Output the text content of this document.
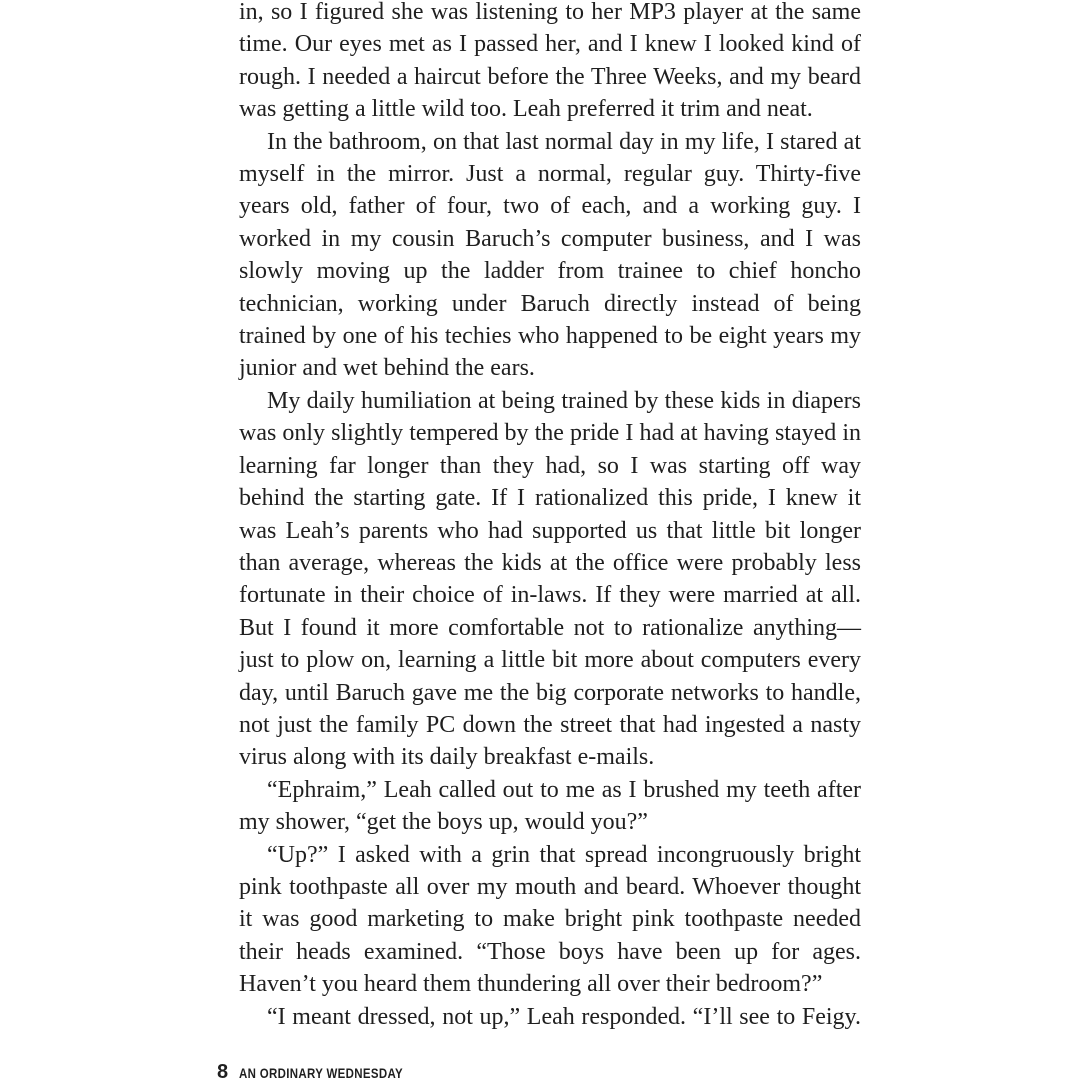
in, so I figured she was listening to her MP3 player at the same time. Our eyes met as I passed her, and I knew I looked kind of rough. I needed a haircut before the Three Weeks, and my beard was getting a little wild too. Leah preferred it trim and neat.

In the bathroom, on that last normal day in my life, I stared at myself in the mirror. Just a normal, regular guy. Thirty-five years old, father of four, two of each, and a working guy. I worked in my cousin Baruch’s computer business, and I was slowly moving up the ladder from trainee to chief honcho technician, working under Baruch directly instead of being trained by one of his techies who happened to be eight years my junior and wet behind the ears.

My daily humiliation at being trained by these kids in diapers was only slightly tempered by the pride I had at having stayed in learning far longer than they had, so I was starting off way behind the starting gate. If I rationalized this pride, I knew it was Leah’s parents who had supported us that little bit longer than average, whereas the kids at the office were probably less fortunate in their choice of in-laws. If they were married at all. But I found it more comfortable not to rationalize anything—just to plow on, learning a little bit more about computers every day, until Baruch gave me the big corporate networks to handle, not just the family PC down the street that had ingested a nasty virus along with its daily breakfast e-mails.

“Ephraim,” Leah called out to me as I brushed my teeth after my shower, “get the boys up, would you?”

“Up?” I asked with a grin that spread incongruously bright pink toothpaste all over my mouth and beard. Whoever thought it was good marketing to make bright pink toothpaste needed their heads examined. “Those boys have been up for ages. Haven’t you heard them thundering all over their bedroom?”

“I meant dressed, not up,” Leah responded. “I’ll see to Feigy.

8 AN ORDINARY WEDNESDAY
